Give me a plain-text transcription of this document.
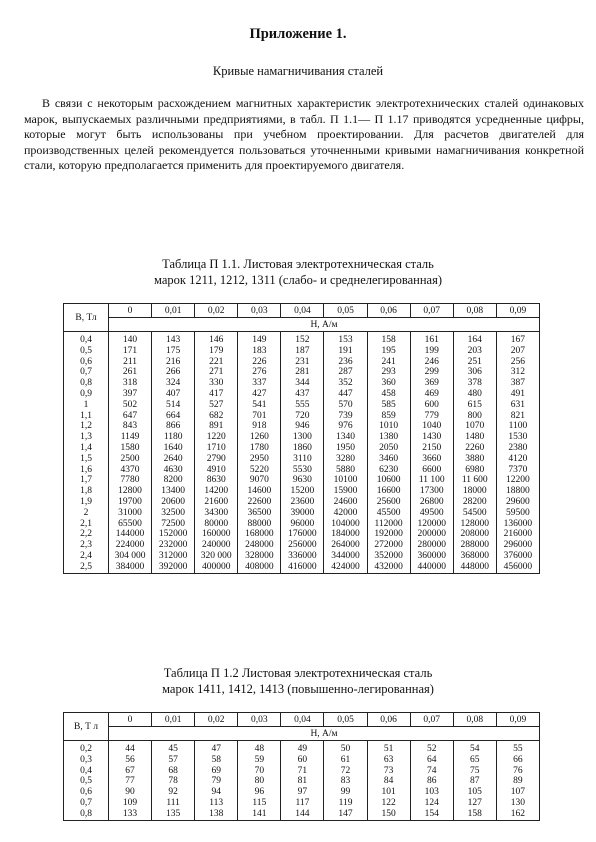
Приложение 1.
Кривые намагничивания сталей

В связи с некоторым расхождением магнитных характеристик электротехнических сталей одинаковых марок, выпускаемых различными предприятиями, в табл. П 1.1— П 1.17 приводятся усредненные цифры, которые могут быть использованы при учебном проектировании. Для расчетов двигателей для производственных целей рекомендуется пользоваться уточненными кривыми намагничивания конкретной стали, которую предполагается применить для проектируемого двигателя.

Таблица П 1.1. Листовая электротехническая сталь
марок 1211, 1212, 1311 (слабо- и среднелегированная)
В, Тл	0	0,01	0,02	0,03	0,04	0,05	0,06	0,07	0,08	0,09
	Н, А/м									
0,4	140	143	146	149	152	153	158	161	164	167
0,5	171	175	179	183	187	191	195	199	203	207
0,6	211	216	221	226	231	236	241	246	251	256
0,7	261	266	271	276	281	287	293	299	306	312
0,8	318	324	330	337	344	352	360	369	378	387
0,9	397	407	417	427	437	447	458	469	480	491
1	502	514	527	541	555	570	585	600	615	631
1,1	647	664	682	701	720	739	859	779	800	821
1,2	843	866	891	918	946	976	1010	1040	1070	1100
1,3	1149	1180	1220	1260	1300	1340	1380	1430	1480	1530
1,4	1580	1640	1710	1780	1860	1950	2050	2150	2260	2380
1,5	2500	2640	2790	2950	3110	3280	3460	3660	3880	4120
1,6	4370	4630	4910	5220	5530	5880	6230	6600	6980	7370
1,7	7780	8200	8630	9070	9630	10100	10600	11 100	11 600	12200
1,8	12800	13400	14200	14600	15200	15900	16600	17300	18000	18800
1,9	19700	20600	21600	22600	23600	24600	25600	26800	28200	29600
2	31000	32500	34300	36500	39000	42000	45500	49500	54500	59500
2,1	65500	72500	80000	88000	96000	104000	112000	120000	128000	136000
2,2	144000	152000	160000	168000	176000	184000	192000	200000	208000	216000
2,3	224000	232000	240000	248000	256000	264000	272000	280000	288000	296000
2,4	304 000	312000	320 000	328000	336000	344000	352000	360000	368000	376000
2,5	384000	392000	400000	408000	416000	424000	432000	440000	448000	456000
Таблица П 1.2 Листовая электротехническая сталь
марок 1411, 1412, 1413 (повышенно-легированная)
В, Т л	0	0,01	0,02	0,03	0,04	0,05	0,06	0,07	0,08	0,09
	Н, А/м									
0,2	44	45	47	48	49	50	51	52	54	55
0,3	56	57	58	59	60	61	63	64	65	66
0,4	67	68	69	70	71	72	73	74	75	76
0,5	77	78	79	80	81	83	84	86	87	89
0,6	90	92	94	96	97	99	101	103	105	107
0,7	109	111	113	115	117	119	122	124	127	130
0,8	133	135	138	141	144	147	150	154	158	162
